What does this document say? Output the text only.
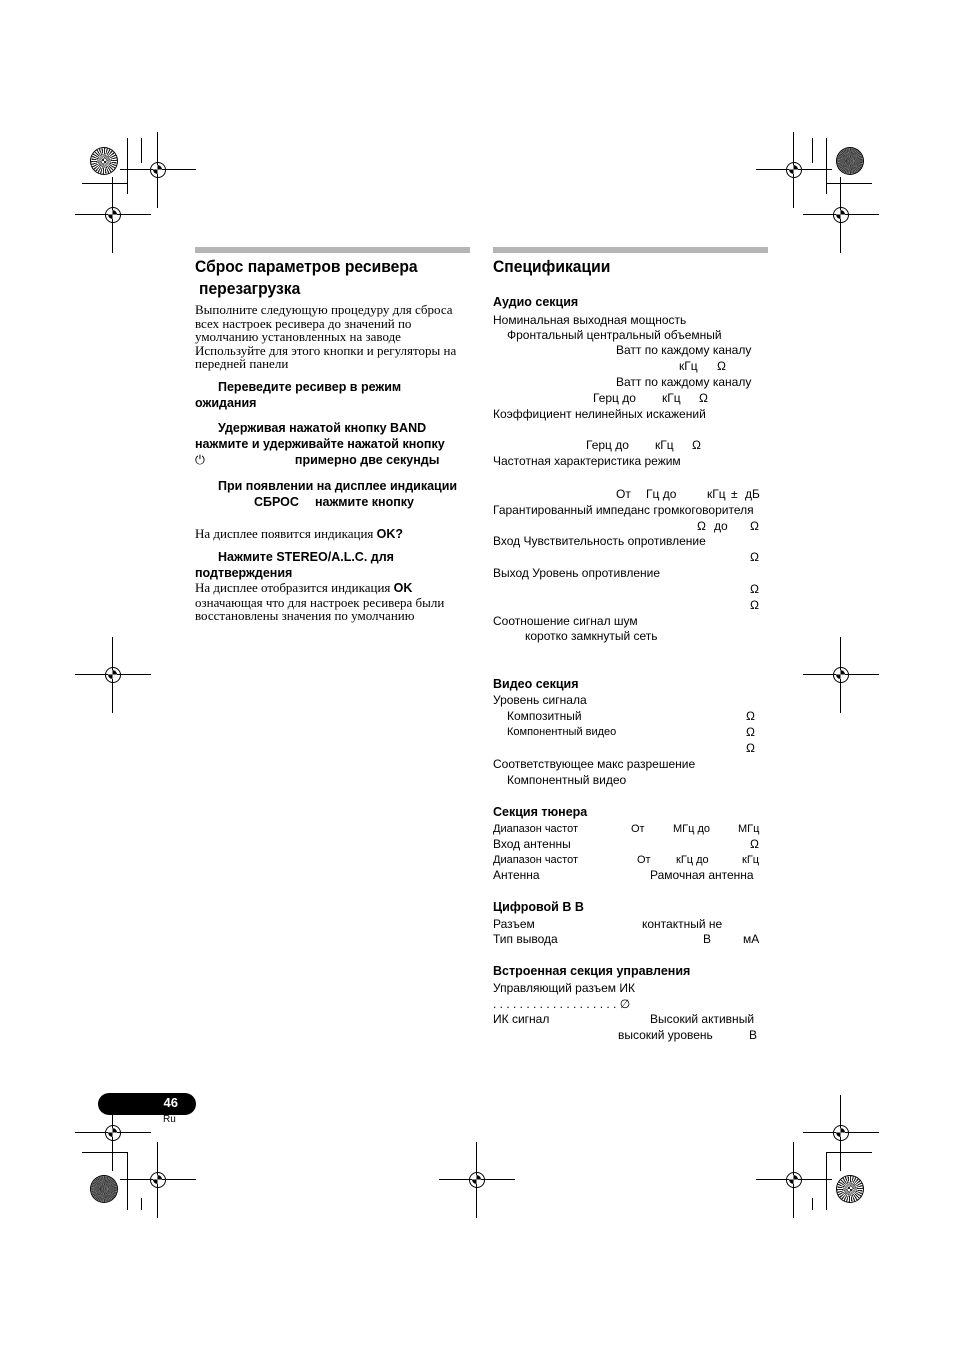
Сброс параметров ресивера
перезагрузка
Выполните следующую процедуру для сброса
всех настроек ресивера до значений по
умолчанию установленных на заводе
Используйте для этого кнопки и регуляторы на
передней панели
Переведите ресивер в режим
ожидания
Удерживая нажатой кнопку BAND
нажмите и удерживайте нажатой кнопку
⏻	примерно две секунды
При появлении на дисплее индикации
СБРОС нажмите кнопку
На дисплее появится индикация OK?
Нажмите STEREO/A.L.C. для
подтверждения
На дисплее отобразится индикация OK
означающая что для настроек ресивера были
восстановлены значения по умолчанию
Спецификации
Аудио секция
Номинальная выходная мощность
Фронтальный центральный объемный
Ватт по каждому каналу
кГц Ω
Ватт по каждому каналу
Герц до кГц Ω
Коэффициент нелинейных искажений
Герц до кГц Ω
Частотная характеристика режим
От Гц до	кГц ± дБ
Гарантированный импеданс громкоговорителя
Ω до Ω
Вход Чувствительность опротивление
Ω
Выход Уровень опротивление
Ω
Ω
Соотношение сигнал шум
коротко замкнутый сеть
Видео секция
Уровень сигнала
Композитный	Ω
Компонентный видео	Ω
Ω
Соответствующее макс разрешение
Компонентный видео
Секция тюнера
Диапазон частот	От	МГц до	МГц
Вход антенны	Ω
Диапазон частот	От кГц до	кГц
Антенна	Рамочная антенна
Цифровой В В
Разъем	контактный не
Тип вывода	В	мА
Встроенная секция управления
Управляющий разъем ИК
. . . . . . . . . . . . . . . . . . . ∅
ИК сигнал	Высокий активный
высокий уровень	В
46
Ru
